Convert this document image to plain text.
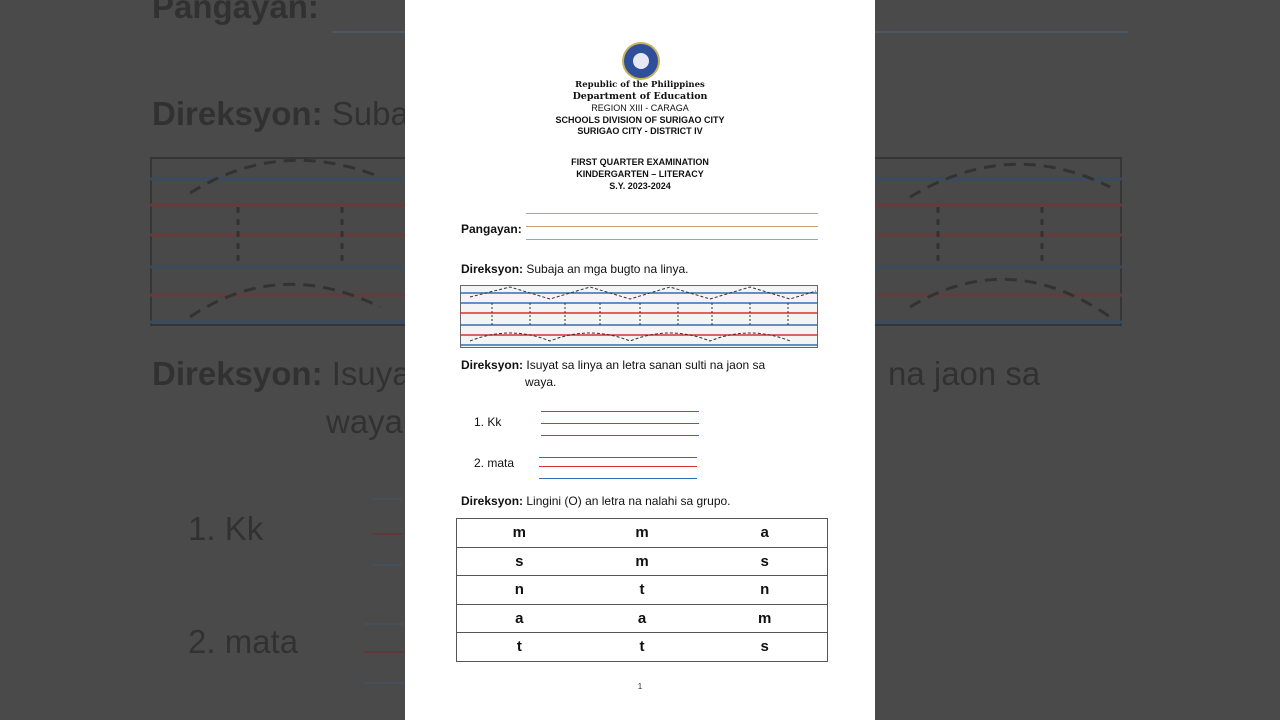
Republic of the Philippines
Department of Education
REGION XIII - CARAGA
SCHOOLS DIVISION OF SURIGAO CITY
SURIGAO CITY - DISTRICT IV
FIRST QUARTER EXAMINATION
KINDERGARTEN – LITERACY
S.Y. 2023-2024
Pangayan:
Direksyon: Subaja an mga bugto na linya.
Direksyon: Isuyat sa linya an letra sanan sulti na jaon sa
waya.
1. Kk
2. mata
Direksyon: Lingini (O) an letra na nalahi sa grupo.
m	m	a
s	m	s
n	t	n
a	a	m
t	t	s
1
